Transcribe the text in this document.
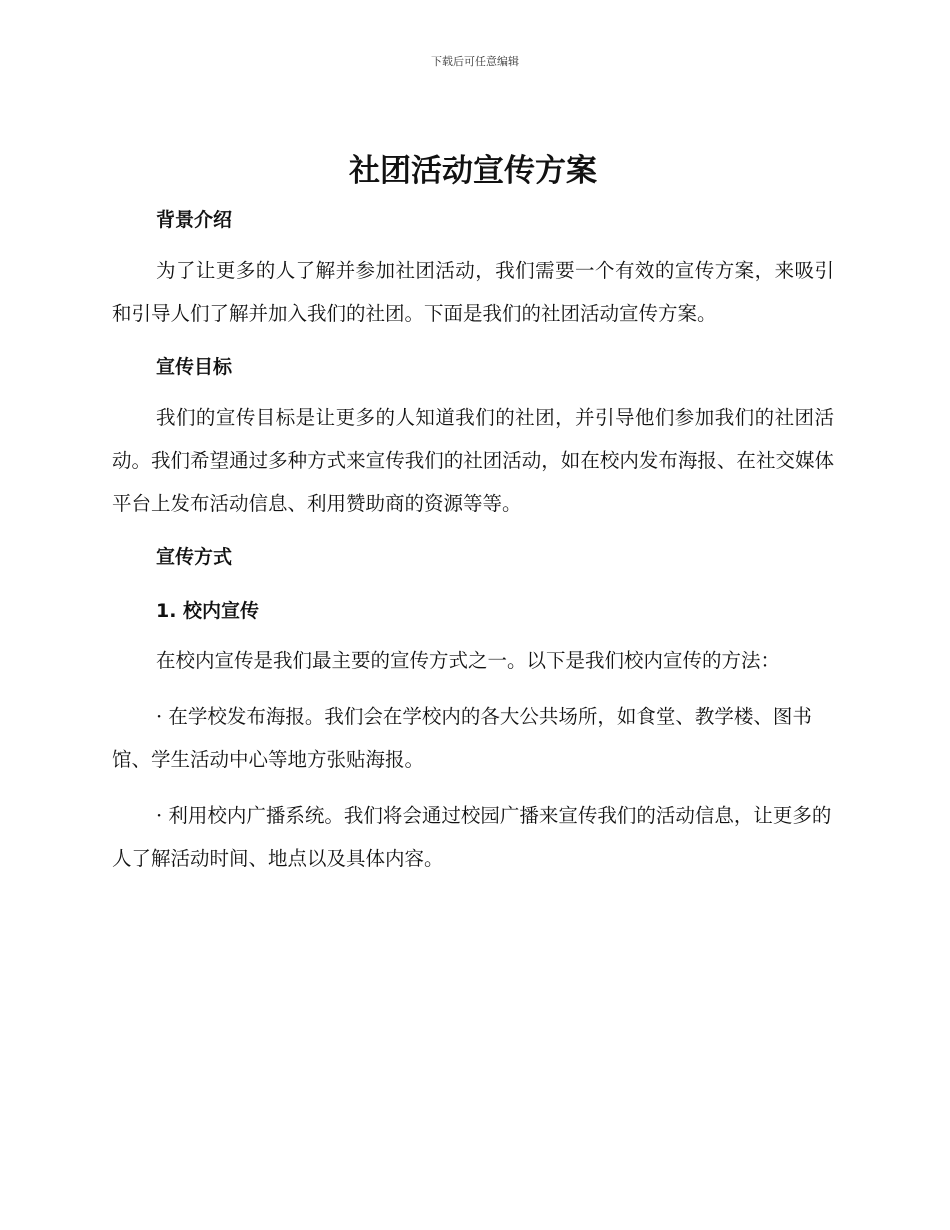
下载后可任意编辑
社团活动宣传方案
背景介绍

为了让更多的人了解并参加社团活动，我们需要一个有效的宣传方案，来吸引和引导人们了解并加入我们的社团。下面是我们的社团活动宣传方案。

宣传目标

我们的宣传目标是让更多的人知道我们的社团，并引导他们参加我们的社团活动。我们希望通过多种方式来宣传我们的社团活动，如在校内发布海报、在社交媒体平台上发布活动信息、利用赞助商的资源等等。

宣传方式
1. 校内宣传

在校内宣传是我们最主要的宣传方式之一。以下是我们校内宣传的方法：

· 在学校发布海报。我们会在学校内的各大公共场所，如食堂、教学楼、图书馆、学生活动中心等地方张贴海报。

· 利用校内广播系统。我们将会通过校园广播来宣传我们的活动信息，让更多的人了解活动时间、地点以及具体内容。
